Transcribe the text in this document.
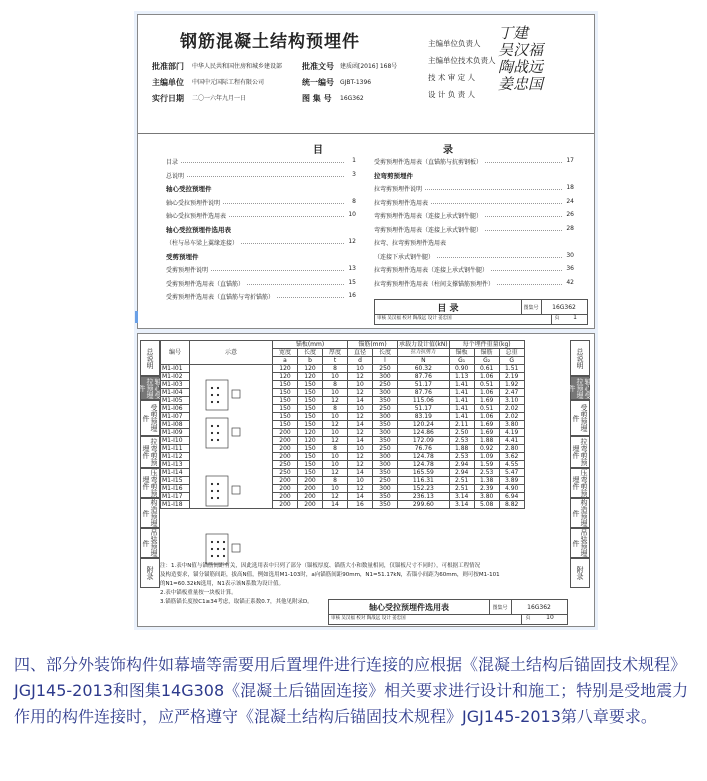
钢筋混凝土结构预埋件
批准部门	中华人民共和国住房和城乡建设部	批准文号	建质函[2016] 168号
主编单位	中国中元国际工程有限公司	统一编号	GJBT-1396
实行日期	二〇一六年九月一日	图 集 号	16G362
主编单位负责人
主编单位技术负责人
技 术 审 定 人
设 计 负 责 人
丁建
吴汉福
陶战远
姜忠国
目	录
目录	1
总说明	3
轴心受拉预埋件
轴心受拉预埋件说明	8
轴心受拉预埋件选用表	10
轴心受拉预埋件选用表
（柱与吊车梁上翼缘连接）	12
受剪预埋件
受剪预埋件说明	13
受剪预埋件选用表（直锚筋）	15
受剪预埋件选用表（直锚筋与弯折锚筋）	16
受剪预埋件选用表（直锚筋与抗剪钢板）	17
拉弯剪预埋件
拉弯剪预埋件说明	18
拉弯剪预埋件选用表	24
弯剪预埋件选用表（连接上承式钢牛腿）	26
弯剪预埋件选用表（连接上承式钢牛腿）	28
拉弯、拉弯剪预埋件选用表
（连接下承式钢牛腿）	30
拉弯剪预埋件选用表（连接上承式钢牛腿）	36
拉弯剪预埋件选用表（柱间支撑锚筋预埋件）	42
目 录	图集号	16G362
审核 吴汉福 校对 陶战远 设计 姜忠国	页	1
总说明
轴心受拉预埋件
受剪预埋件
拉弯剪预埋件
压弯剪预埋件
构造预埋件
吊装预埋件
附录
总说明
轴心受拉预埋件
受剪预埋件
拉弯剪预埋件
压弯剪预埋件
构造预埋件
吊装预埋件
附录
编号	示意	锚板(mm)			锚筋(mm)		承载力设计值(kN)	每个埋件重量(kg)		
		宽度	长度	厚度	直径	长度	拉力抗剪力	锚板	锚筋	总重
		a	b	t	d	l	N	G₁	G₂	G
M1-I01		120	120	8	10	250	60.32	0.90	0.61	1.51
M1-I02		120	120	10	12	300	87.76	1.13	1.06	2.19
M1-I03		150	150	8	10	250	51.17	1.41	0.51	1.92
M1-I04		150	150	10	12	300	87.76	1.41	1.06	2.47
M1-I05		150	150	12	14	350	115.06	1.41	1.69	3.10
M1-I06		150	150	8	10	250	51.17	1.41	0.51	2.02
M1-I07		150	150	10	12	300	83.19	1.41	1.06	2.02
M1-I08		150	150	12	14	350	120.24	2.11	1.69	3.80
M1-I09		200	120	10	12	300	124.86	2.50	1.69	4.19
M1-I10		200	120	12	14	350	172.09	2.53	1.88	4.41
M1-I11		200	150	8	10	250	76.76	1.88	0.92	2.80
M1-I12		200	150	10	12	300	124.78	2.53	1.09	3.62
M1-I13		250	150	10	12	300	124.78	2.94	1.59	4.55
M1-I14		250	150	12	14	350	165.59	2.94	2.53	5.47
M1-I15		200	200	8	10	250	116.31	2.51	1.38	3.89
M1-I16		200	200	10	12	300	152.23	2.51	2.39	4.90
M1-I17		200	200	12	14	350	236.13	3.14	3.80	6.94
M1-I18		200	200	14	16	350	299.60	3.14	5.08	8.82
注：1.表中N值与锚筋间距有关，因此选用表中只列了部分（锚板厚度、锚筋大小和数量相同，仅锚板尺寸不同时），可根据工程情况
及构造要求，锚分锚筋间距，拔高N值，例如选用M1-103时，a向锚筋间距90mm，N1=51.17kN，若锚小间距为60mm，则可按M1-101
的N1=60.32kN选用，N1表示该N系数为设计值。
2.表中锚板重量按一块板计算。
3.锚筋锚长度按C1≥34考虑，取锚正系数0.7，其他见附录D。
轴心受拉预埋件选用表	图集号	16G362
审核 吴汉福 校对 陶战远 设计 姜忠国	页	10
四、部分外装饰构件如幕墙等需要用后置埋件进行连接的应根据《混凝土结构后锚固技术规程》JGJ145-2013和图集14G308《混凝土后锚固连接》相关要求进行设计和施工；特别是受地震力作用的构件连接时，应严格遵守《混凝土结构后锚固技术规程》JGJ145-2013第八章要求。
